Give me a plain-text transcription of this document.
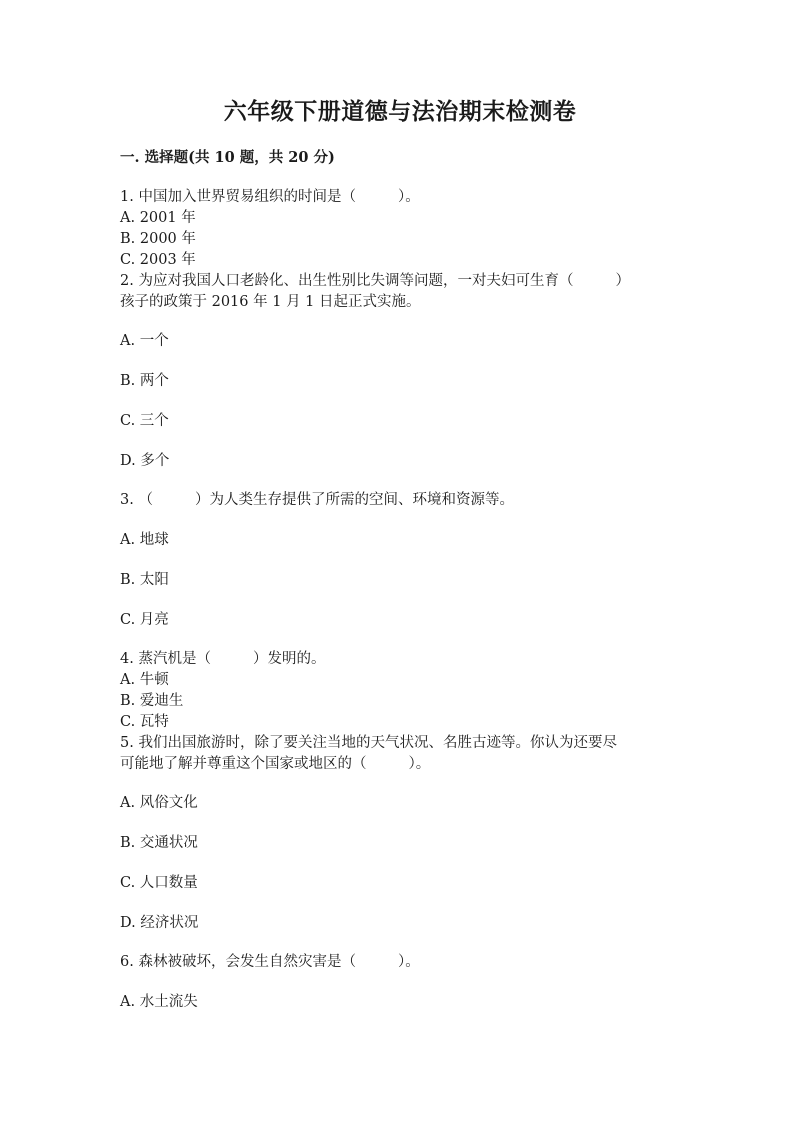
六年级下册道德与法治期末检测卷
一. 选择题(共 10 题，共 20 分)
1. 中国加入世界贸易组织的时间是（	）。
A. 2001 年
B. 2000 年
C. 2003 年
2. 为应对我国人口老龄化、出生性别比失调等问题，一对夫妇可生育（	）
孩子的政策于 2016 年 1 月 1 日起正式实施。
A. 一个
B. 两个
C. 三个
D. 多个
3. （	）为人类生存提供了所需的空间、环境和资源等。
A. 地球
B. 太阳
C. 月亮
4. 蒸汽机是（	）发明的。
A. 牛顿
B. 爱迪生
C. 瓦特
5. 我们出国旅游时，除了要关注当地的天气状况、名胜古迹等。你认为还要尽
可能地了解并尊重这个国家或地区的（	）。
A. 风俗文化
B. 交通状况
C. 人口数量
D. 经济状况
6. 森林被破坏，会发生自然灾害是（	）。
A. 水土流失
